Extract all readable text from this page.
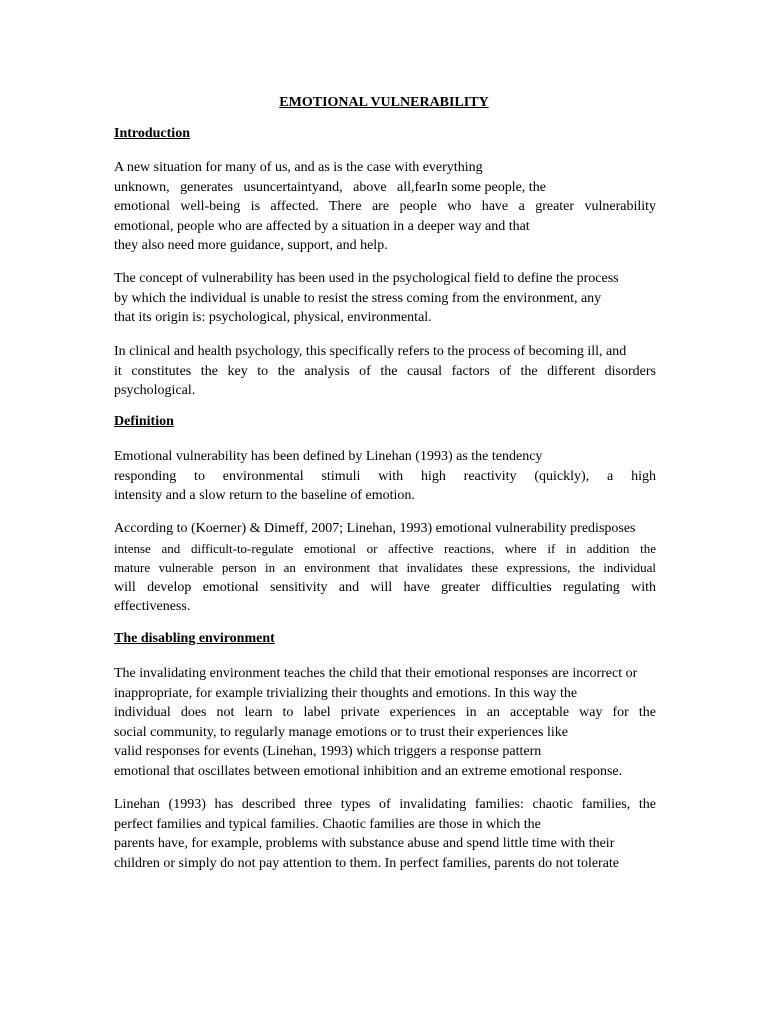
EMOTIONAL VULNERABILITY
Introduction
A new situation for many of us, and as is the case with everything
unknown,   generates   usuncertaintyand,   above   all,fearIn some people, the
emotional well-being is affected. There are people who have a greater vulnerability
emotional, people who are affected by a situation in a deeper way and that
they also need more guidance, support, and help.
The concept of vulnerability has been used in the psychological field to define the process
by which the individual is unable to resist the stress coming from the environment, any
that its origin is: psychological, physical, environmental.
In clinical and health psychology, this specifically refers to the process of becoming ill, and
it constitutes the key to the analysis of the causal factors of the different disorders
psychological.
Definition
Emotional vulnerability has been defined by Linehan (1993) as the tendency
responding to environmental stimuli with high reactivity (quickly), a high
intensity and a slow return to the baseline of emotion.
According to (Koerner) & Dimeff, 2007; Linehan, 1993) emotional vulnerability predisposes
intense and difficult-to-regulate emotional or affective reactions, where if in addition the
mature vulnerable person in an environment that invalidates these expressions, the individual
will develop emotional sensitivity and will have greater difficulties regulating with
effectiveness.
The disabling environment
The invalidating environment teaches the child that their emotional responses are incorrect or
inappropriate, for example trivializing their thoughts and emotions. In this way the
individual does not learn to label private experiences in an acceptable way for the
social community, to regularly manage emotions or to trust their experiences like
valid responses for events (Linehan, 1993) which triggers a response pattern
emotional that oscillates between emotional inhibition and an extreme emotional response.
Linehan (1993) has described three types of invalidating families: chaotic families, the
perfect families and typical families. Chaotic families are those in which the
parents have, for example, problems with substance abuse and spend little time with their
children or simply do not pay attention to them. In perfect families, parents do not tolerate
